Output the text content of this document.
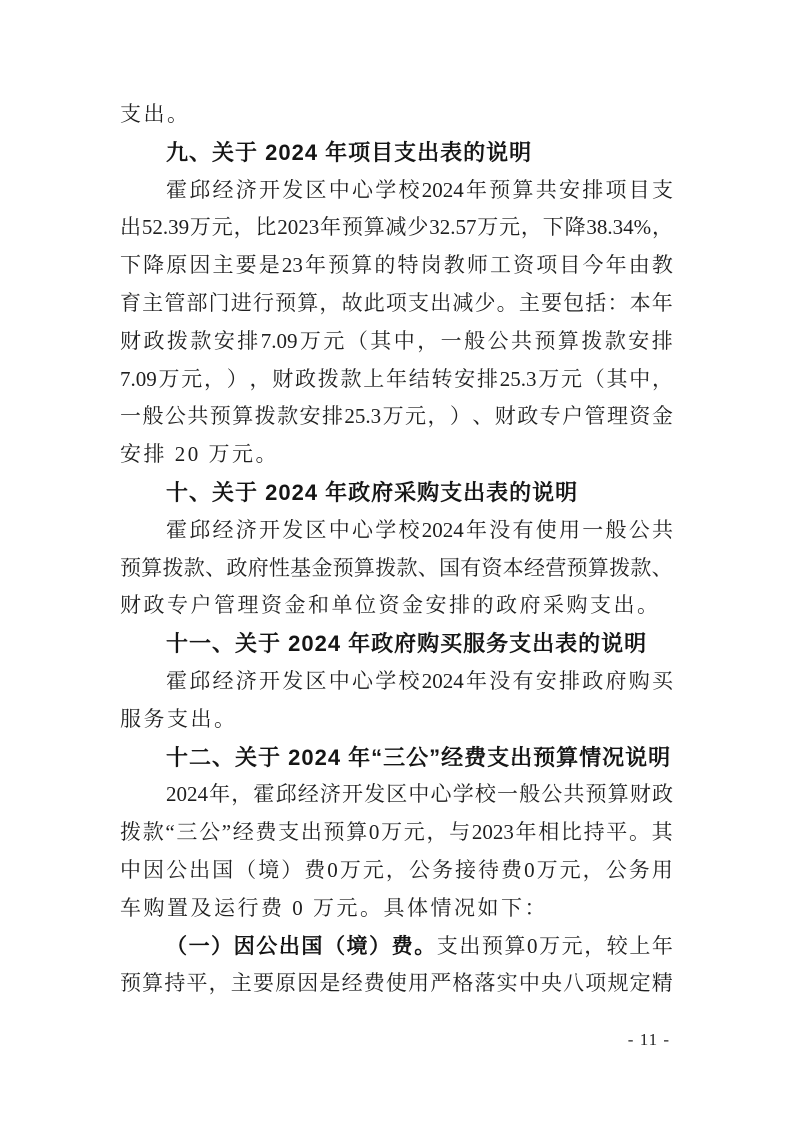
支出。
九、关于 2024 年项目支出表的说明
霍 邱 经 济 开 发 区 中 心 学 校 2024 年 预 算 共 安 排 项 目 支
出 52.39 万 元 ， 比 2023 年 预 算 减 少 32.57 万 元 ， 下 降 38.34% ，
下 降 原 因 主 要 是 23 年 预 算 的 特 岗 教 师 工 资 项 目 今 年 由 教
育 主 管 部 门 进 行 预 算 ， 故 此 项 支 出 减 少 。 主 要 包 括 ： 本 年
财 政 拨 款 安 排 7.09 万 元 （ 其 中 ， 一 般 公 共 预 算 拨 款 安 排
7.09 万 元 ， ） ， 财 政 拨 款 上 年 结 转 安 排 25.3 万 元 （ 其 中 ，
一 般 公 共 预 算 拨 款 安 排 25.3 万 元 ， ） 、 财 政 专 户 管 理 资 金
安排 20 万元。
十、关于 2024 年政府采购支出表的说明
霍 邱 经 济 开 发 区 中 心 学 校 2024 年 没 有 使 用 一 般 公 共
预 算 拨 款 、 政 府 性 基 金 预 算 拨 款 、 国 有 资 本 经 营 预 算 拨 款 、
财政专户管理资金和单位资金安排的政府采购支出。
十一、关于 2024 年政府购买服务支出表的说明
霍 邱 经 济 开 发 区 中 心 学 校 2024 年 没 有 安 排 政 府 购 买
服务支出。
十二、关于 2024 年“三公”经费支出预算情况说明
2024 年 ， 霍 邱 经 济 开 发 区 中 心 学 校 一 般 公 共 预 算 财 政
拨 款 “ 三 公 ” 经 费 支 出 预 算 0 万 元 ， 与 2023 年 相 比 持 平 。 其
中 因 公 出 国 （ 境 ） 费 0 万 元 ， 公 务 接 待 费 0 万 元 ， 公 务 用
车购置及运行费 0 万元。具体情况如下：
（ 一 ） 因 公 出 国 （ 境 ） 费 。 支 出 预 算 0 万 元 ， 较 上 年
预 算 持 平 ， 主 要 原 因 是 经 费 使 用 严 格 落 实 中 央 八 项 规 定 精
- 11 -
